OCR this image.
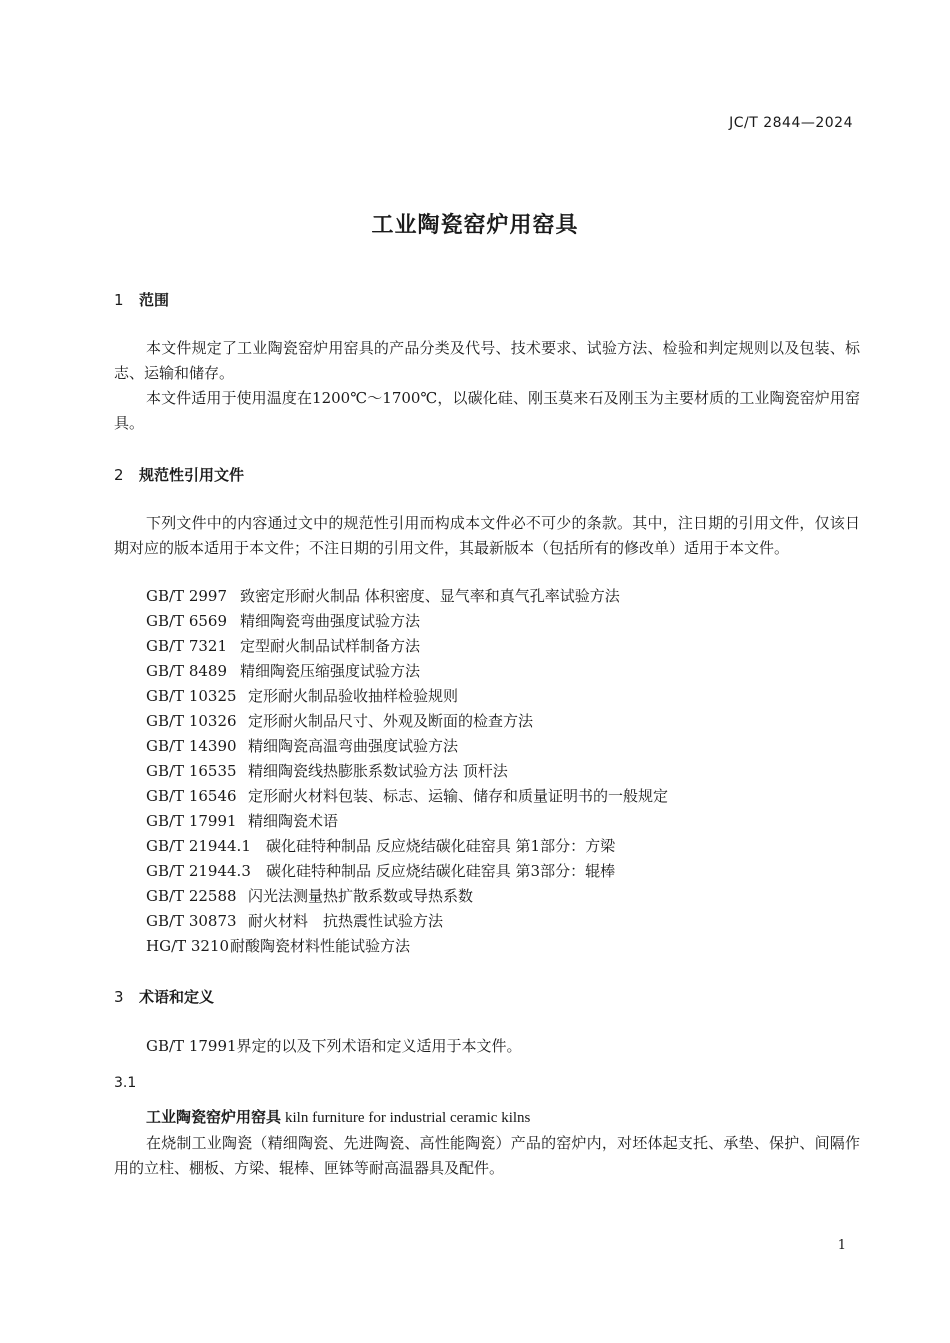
JC/T 2844—2024
工业陶瓷窑炉用窑具
1 范围
本文件规定了工业陶瓷窑炉用窑具的产品分类及代号、技术要求、试验方法、检验和判定规则以及包装、标志、运输和储存。
本文件适用于使用温度在1200℃～1700℃，以碳化硅、刚玉莫来石及刚玉为主要材质的工业陶瓷窑炉用窑具。
2 规范性引用文件
下列文件中的内容通过文中的规范性引用而构成本文件必不可少的条款。其中，注日期的引用文件，仅该日期对应的版本适用于本文件；不注日期的引用文件，其最新版本（包括所有的修改单）适用于本文件。
GB/T 2997 致密定形耐火制品 体积密度、显气率和真气孔率试验方法
GB/T 6569 精细陶瓷弯曲强度试验方法
GB/T 7321 定型耐火制品试样制备方法
GB/T 8489 精细陶瓷压缩强度试验方法
GB/T 10325 定形耐火制品验收抽样检验规则
GB/T 10326 定形耐火制品尺寸、外观及断面的检查方法
GB/T 14390 精细陶瓷高温弯曲强度试验方法
GB/T 16535 精细陶瓷线热膨胀系数试验方法 顶杆法
GB/T 16546 定形耐火材料包装、标志、运输、储存和质量证明书的一般规定
GB/T 17991 精细陶瓷术语
GB/T 21944.1 碳化硅特种制品 反应烧结碳化硅窑具 第1部分：方梁
GB/T 21944.3 碳化硅特种制品 反应烧结碳化硅窑具 第3部分：辊棒
GB/T 22588 闪光法测量热扩散系数或导热系数
GB/T 30873 耐火材料　抗热震性试验方法
HG/T 3210耐酸陶瓷材料性能试验方法
3 术语和定义
GB/T 17991界定的以及下列术语和定义适用于本文件。
3.1
工业陶瓷窑炉用窑具 kiln furniture for industrial ceramic kilns
在烧制工业陶瓷（精细陶瓷、先进陶瓷、高性能陶瓷）产品的窑炉内，对坯体起支托、承垫、保护、间隔作用的立柱、棚板、方梁、辊棒、匣钵等耐高温器具及配件。
1
